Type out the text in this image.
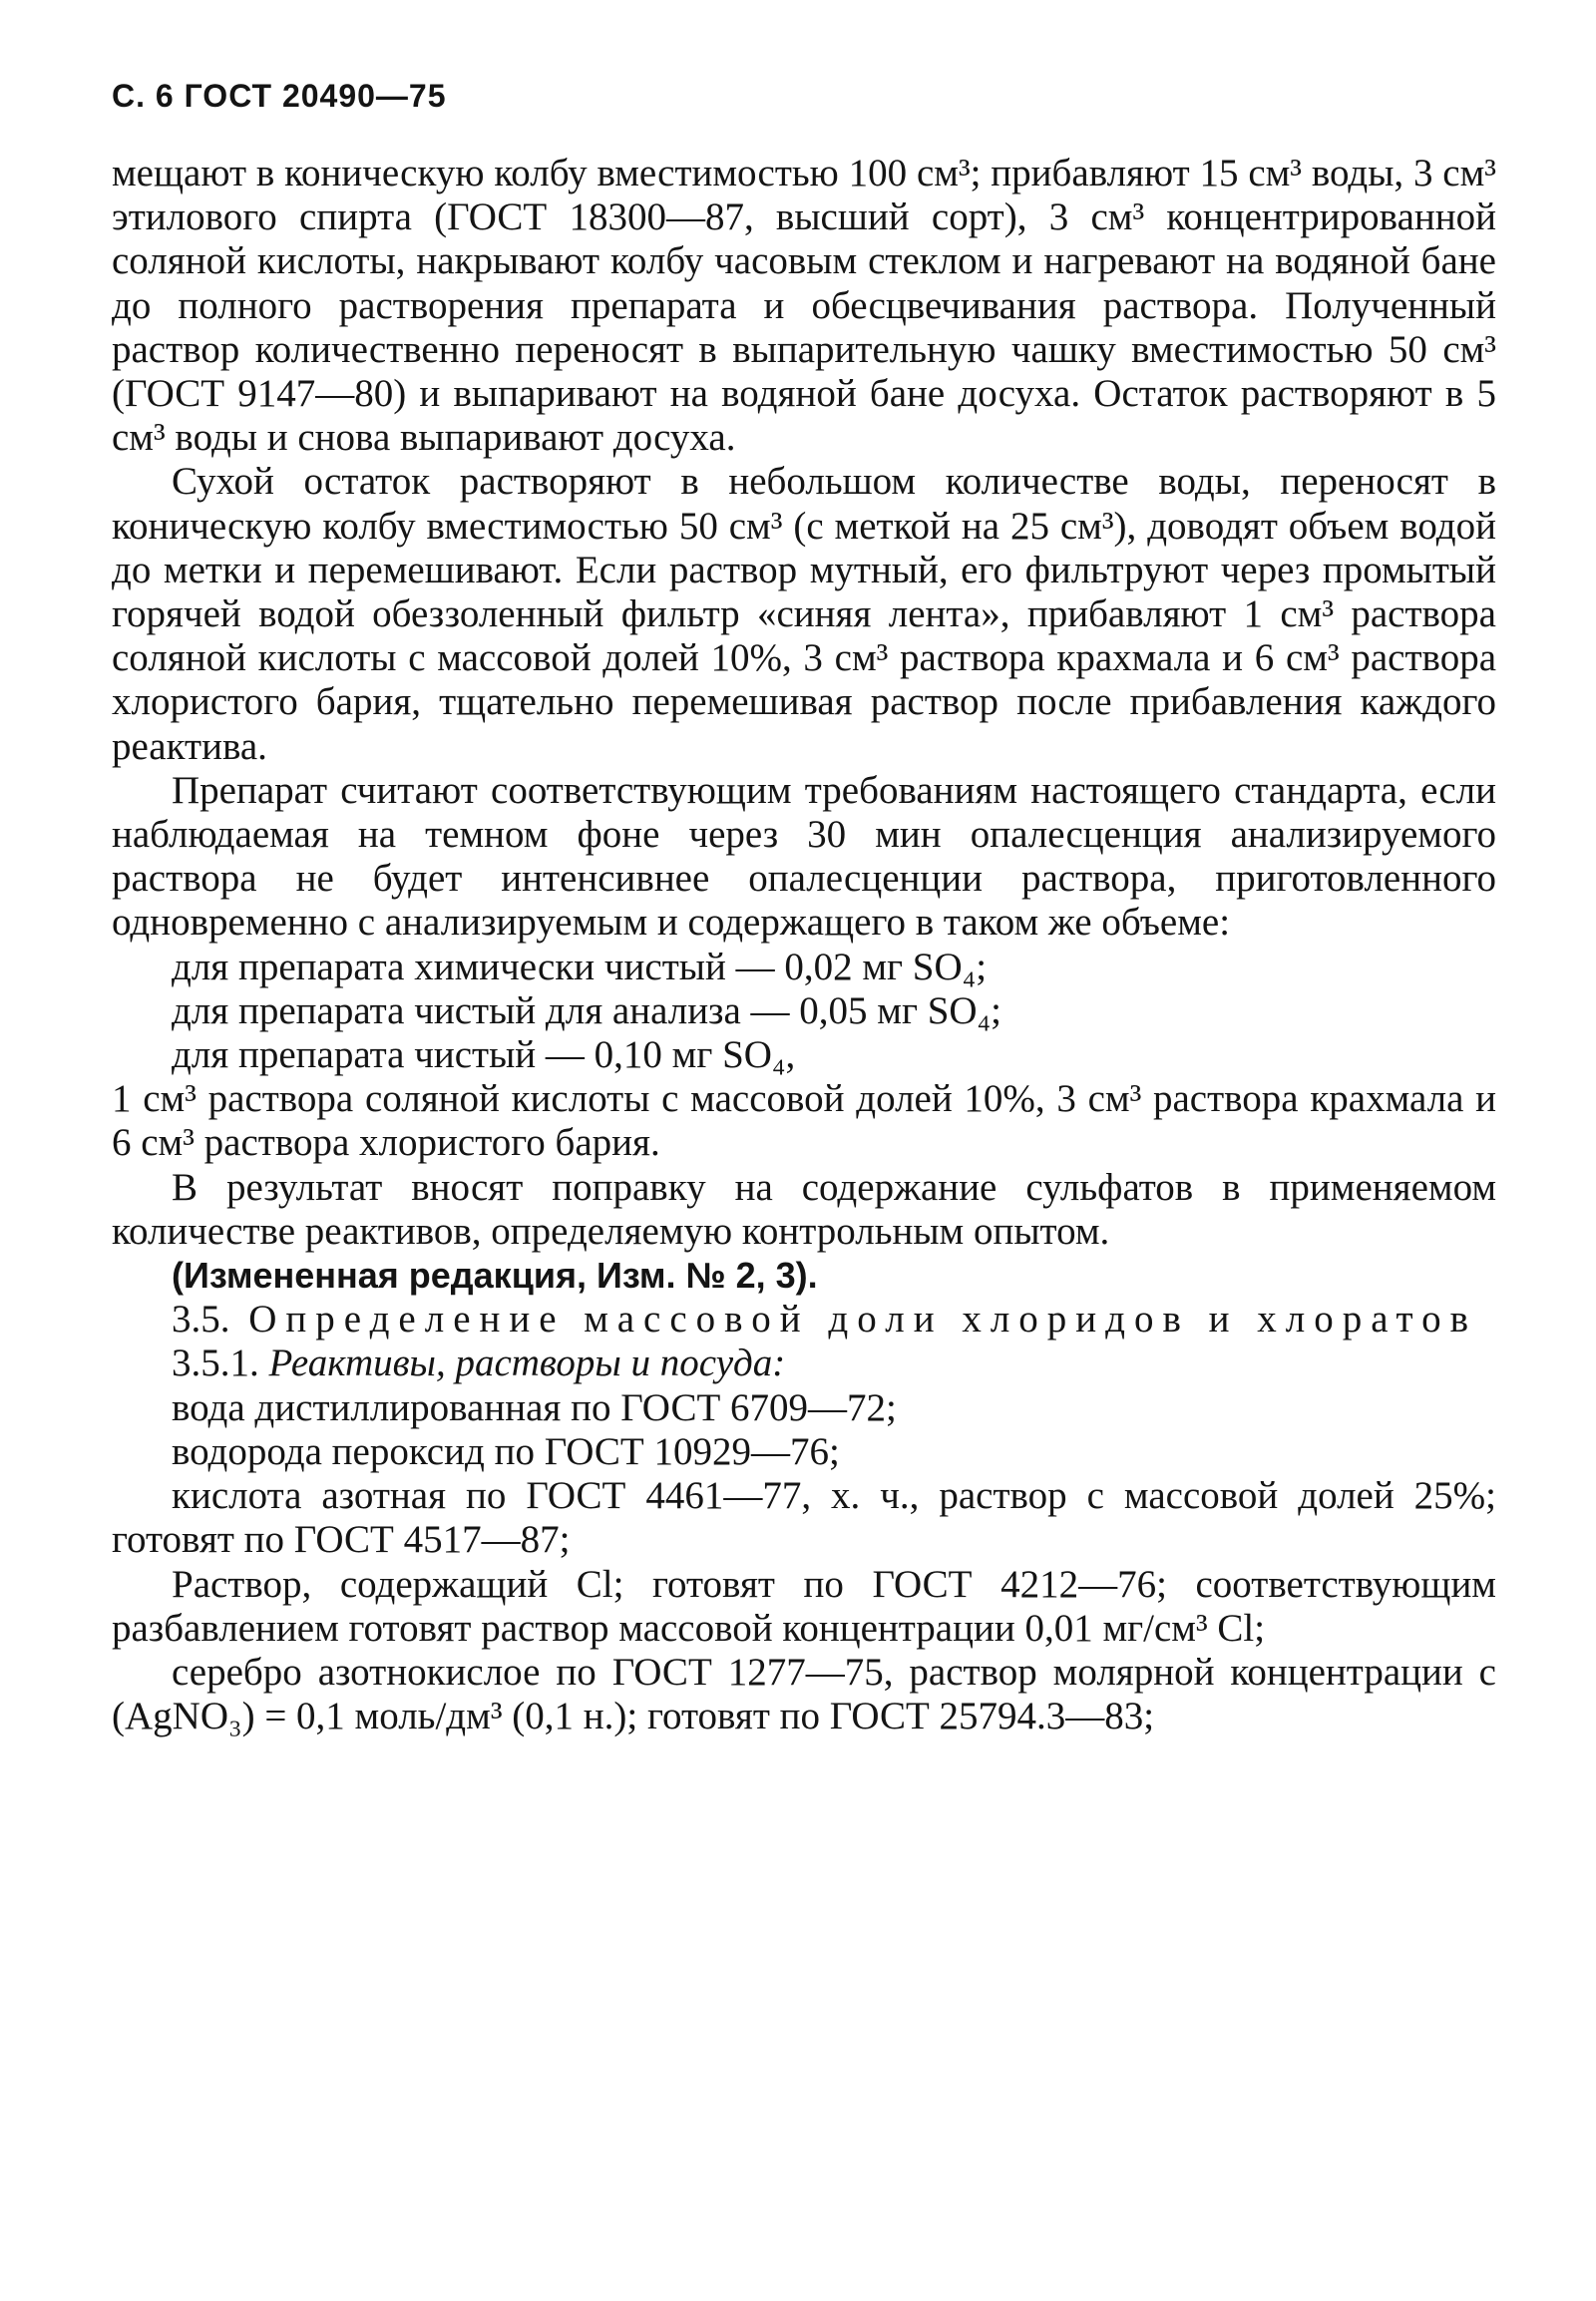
С. 6 ГОСТ 20490—75

мещают в коническую колбу вместимостью 100 см³; прибавляют 15 см³ воды, 3 см³ этилового спирта (ГОСТ 18300—87, высший сорт), 3 см³ концентрированной соляной кислоты, накрывают колбу часовым стеклом и нагревают на водяной бане до полного растворения препарата и обесцвечивания раствора. Полученный раствор количественно переносят в выпарительную чашку вместимостью 50 см³ (ГОСТ 9147—80) и выпаривают на водяной бане досуха. Остаток растворяют в 5 см³ воды и снова выпаривают досуха.

Сухой остаток растворяют в небольшом количестве воды, переносят в коническую колбу вместимостью 50 см³ (с меткой на 25 см³), доводят объем водой до метки и перемешивают. Если раствор мутный, его фильтруют через промытый горячей водой обеззоленный фильтр «синяя лента», прибавляют 1 см³ раствора соляной кислоты с массовой долей 10%, 3 см³ раствора крахмала и 6 см³ раствора хлористого бария, тщательно перемешивая раствор после прибавления каждого реактива.

Препарат считают соответствующим требованиям настоящего стандарта, если наблюдаемая на темном фоне через 30 мин опалесценция анализируемого раствора не будет интенсивнее опалесценции раствора, приготовленного одновременно с анализируемым и содержащего в таком же объеме:

для препарата химически чистый — 0,02 мг SO₄;
для препарата чистый для анализа — 0,05 мг SO₄;
для препарата чистый — 0,10 мг SO₄,

1 см³ раствора соляной кислоты с массовой долей 10%, 3 см³ раствора крахмала и 6 см³ раствора хлористого бария.

В результат вносят поправку на содержание сульфатов в применяемом количестве реактивов, определяемую контрольным опытом.

(Измененная редакция, Изм. № 2, 3).

3.5. Определение массовой доли хлоридов и хлоратов

3.5.1. Реактивы, растворы и посуда:
вода дистиллированная по ГОСТ 6709—72;
водорода пероксид по ГОСТ 10929—76;

кислота азотная по ГОСТ 4461—77, х. ч., раствор с массовой долей 25%; готовят по ГОСТ 4517—87;

Раствор, содержащий Cl; готовят по ГОСТ 4212—76; соответствующим разбавлением готовят раствор массовой концентрации 0,01 мг/см³ Cl;

серебро азотнокислое по ГОСТ 1277—75, раствор молярной концентрации с (AgNO₃) = 0,1 моль/дм³ (0,1 н.); готовят по ГОСТ 25794.3—83;
